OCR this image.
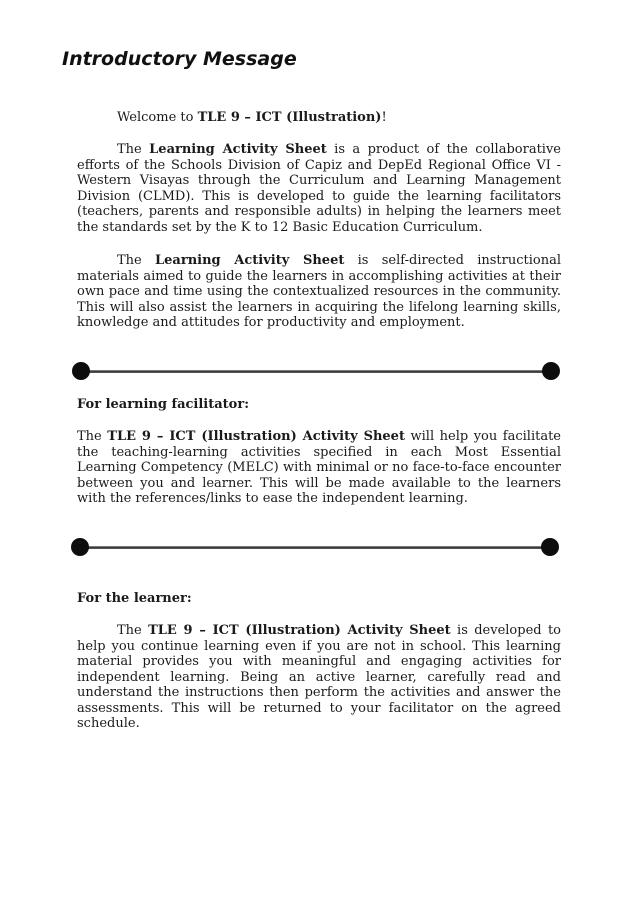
Introductory Message

Welcome to TLE 9 – ICT (Illustration)!

The Learning Activity Sheet is a product of the collaborative efforts of the Schools Division of Capiz and DepEd Regional Office VI - Western Visayas through the Curriculum and Learning Management Division (CLMD). This is developed to guide the learning facilitators (teachers, parents and responsible adults) in helping the learners meet the standards set by the K to 12 Basic Education Curriculum.

The Learning Activity Sheet is self-directed instructional materials aimed to guide the learners in accomplishing activities at their own pace and time using the contextualized resources in the community. This will also assist the learners in acquiring the lifelong learning skills, knowledge and attitudes for productivity and employment.

For learning facilitator:

The TLE 9 – ICT (Illustration) Activity Sheet will help you facilitate the teaching-learning activities specified in each Most Essential Learning Competency (MELC) with minimal or no face-to-face encounter between you and learner. This will be made available to the learners with the references/links to ease the independent learning.

For the learner:

The TLE 9 – ICT (Illustration) Activity Sheet is developed to help you continue learning even if you are not in school. This learning material provides you with meaningful and engaging activities for independent learning. Being an active learner, carefully read and understand the instructions then perform the activities and answer the assessments. This will be returned to your facilitator on the agreed schedule.
